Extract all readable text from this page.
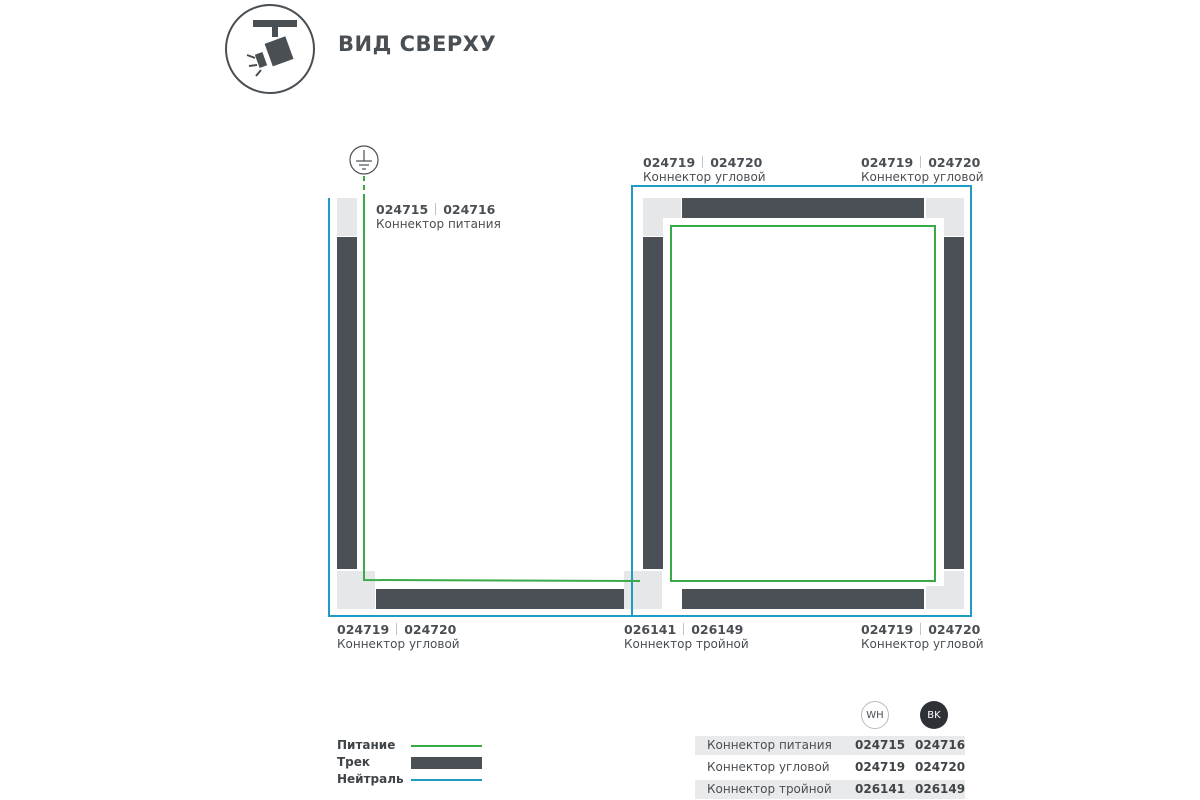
ВИД СВЕРХУ
024715 024716
Коннектор питания
024719 024720
Коннектор угловой
024719 024720
Коннектор угловой
024719 024720
Коннектор угловой
026141 026149
Коннектор тройной
024719 024720
Коннектор угловой
Питание
Трек
Нейтраль
WH	BK
Коннектор питания 024715 024716
Коннектор угловой 024719 024720
Коннектор тройной 026141 026149
